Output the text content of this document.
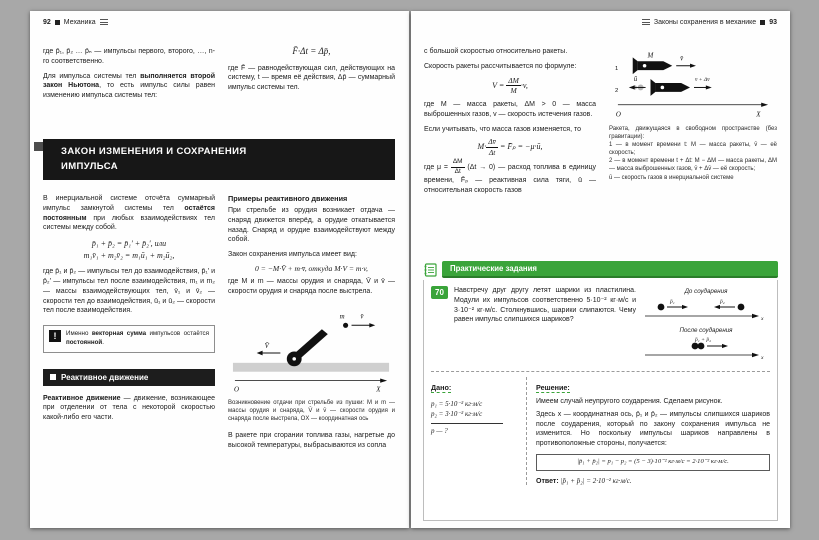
92 Механика

где p̄₁, p̄₂ … p̄ₙ — импульсы первого, второго, …, n-го соответственно.

Для импульса системы тел выполняется второй закон Ньютона, то есть импульс силы равен изменению импульса системы тел:

F̄·Δt = Δp̄,

где F̄ — равнодействующая сил, действующих на систему, t — время её действия, Δp̄ — суммарный импульс системы тел.

ЗАКОН ИЗМЕНЕНИЯ И СОХРАНЕНИЯ
ИМПУЛЬСА

В инерциальной системе отсчёта суммарный импульс замкнутой системы тел остаётся постоянным при любых взаимодействиях тел системы между собой.

p̄₁ + p̄₂ = p̄₁′ + p̄₂′, или

m₁v̄₁ + m₂v̄₂ = m₁ū₁ + m₂ū₂,

где p̄₁ и p̄₂ — импульсы тел до взаимодействия, p̄₁′ и p̄₂′ — импульсы тел после взаимодействия, m₁ и m₂ — массы взаимодействующих тел, v̄₁ и v̄₂ — скорости тел до взаимодействия, ū₁ и ū₂ — скорости тел после взаимодействия.

!	Именно векторная сумма импульсов остаётся постоянной.

Реактивное движение

Реактивное движение — движение, возникающее при отделении от тела с некоторой скоростью какой-либо его части.

Примеры реактивного движения

При стрельбе из орудия возникает отдача — снаряд движется вперёд, а орудие откатывается назад. Снаряд и орудие взаимодействуют между собой.

Закон сохранения импульса имеет вид:

0 = −M·V̄ + m·v̄, откуда M·V = m·v,

где M и m — массы орудия и снаряда, V̄ и v̄ — скорости орудия и снаряда после выстрела.

V̄
m v̄
O	X

Возникновение отдачи при стрельбе из пушки: M и m — массы орудия и снаряда, V̄ и v̄ — скорости орудия и снаряда после выстрела, OX — координатная ось

В ракете при сгорании топлива газы, нагретые до высокой температуры, выбрасываются из сопла

Законы сохранения в механике 93

с большой скоростью относительно ракеты.

Скорость ракеты рассчитывается по формуле:

$V = \frac{\Delta M}{M} \cdot v$,

где M — масса ракеты, ΔM > 0 — масса выброшенных газов, v — скорость истечения газов.

Если учитывать, что масса газов изменяется, то

$M\cdot \frac{\Delta v̄}{\Delta t}$ = F̄ₚ = −μ·ū,

где $\mu = \frac{\Delta M}{\Delta t} (\Delta t \to 0)$ — расход топлива в единицу времени, F̄ₚ — реактивная сила тяги, ū — относительная скорость газов

1
M	v̄
2
ū	v̄ + Δv̄
O	X

Ракета, движущаяся в свободном пространстве (без гравитации):

1 — в момент времени t: M — масса ракеты, v̄ — её скорость;

2 — в момент времени t + Δt: M − ΔM — масса ракеты, ΔM — масса выброшенных газов, v̄ + Δv̄ — её скорость;

ū — скорость газов в инерциальной системе

Практические задания
70	Навстречу друг другу летят шарики из пластилина. Модули их импульсов соответственно 5·10⁻² кг·м/с и 3·10⁻² кг·м/с. Столкнувшись, шарики слипаются. Чему равен импульс слипшихся шариков?

До соударения

x
p̄₁	p̄₂

После соударения

x
p̄₁ + p̄₂
Дано:

p₁ = 5·10⁻² кг·м/с

p₂ = 3·10⁻² кг·м/с

p — ?

Решение:

Имеем случай неупругого соударения. Сделаем рисунок.

Здесь x — координатная ось, p̄₁ и p̄₂ — импульсы слипшихся шариков после соударения, который по закону сохранения импульса не изменится. Но поскольку импульсы шариков направлены в противоположные стороны, получается:

|p̄₁ + p̄₂| = p₁ − p₂ = (5 − 3)·10⁻² кг·м/с = 2·10⁻² кг·м/с.

Ответ: |p̄₁ + p̄₂| = 2·10⁻² кг·м/с.
